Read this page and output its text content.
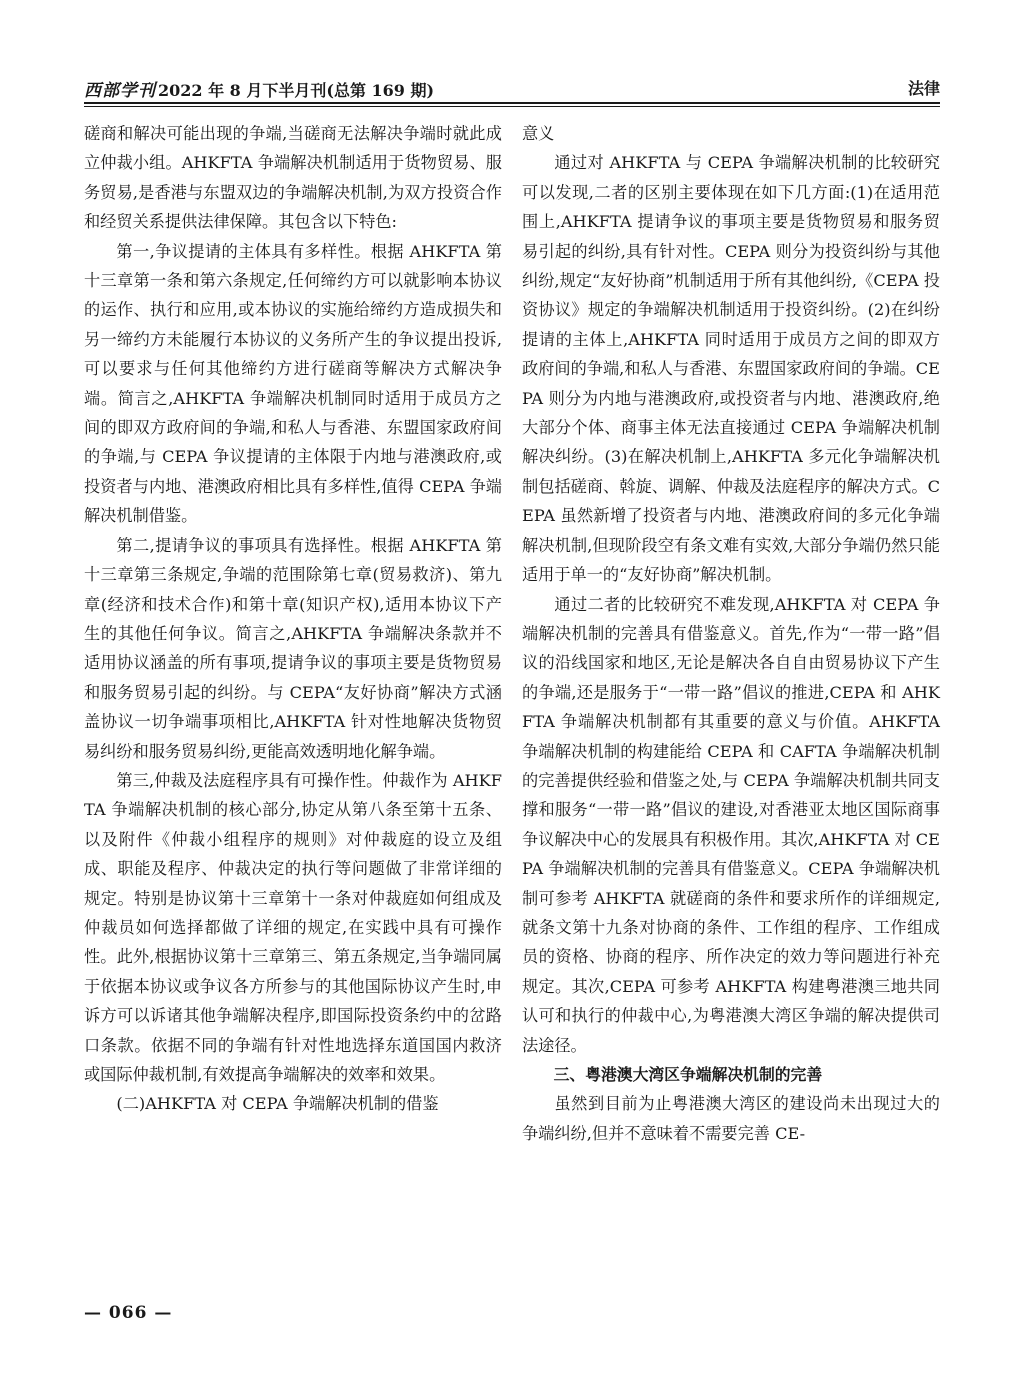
西部学刊 2022 年 8 月下半月刊(总第 169 期)	法律

磋商和解决可能出现的争端,当磋商无法解决争端时就此成立仲裁小组。AHKFTA 争端解决机制适用于货物贸易、服务贸易,是香港与东盟双边的争端解决机制,为双方投资合作和经贸关系提供法律保障。其包含以下特色:

第一,争议提请的主体具有多样性。根据 AHKFTA 第十三章第一条和第六条规定,任何缔约方可以就影响本协议的运作、执行和应用,或本协议的实施给缔约方造成损失和另一缔约方未能履行本协议的义务所产生的争议提出投诉,可以要求与任何其他缔约方进行磋商等解决方式解决争端。简言之,AHKFTA 争端解决机制同时适用于成员方之间的即双方政府间的争端,和私人与香港、东盟国家政府间的争端,与 CEPA 争议提请的主体限于内地与港澳政府,或投资者与内地、港澳政府相比具有多样性,值得 CEPA 争端解决机制借鉴。

第二,提请争议的事项具有选择性。根据 AHKFTA 第十三章第三条规定,争端的范围除第七章(贸易救济)、第九章(经济和技术合作)和第十章(知识产权),适用本协议下产生的其他任何争议。简言之,AHKFTA 争端解决条款并不适用协议涵盖的所有事项,提请争议的事项主要是货物贸易和服务贸易引起的纠纷。与 CEPA“友好协商”解决方式涵盖协议一切争端事项相比,AHKFTA 针对性地解决货物贸易纠纷和服务贸易纠纷,更能高效透明地化解争端。

第三,仲裁及法庭程序具有可操作性。仲裁作为 AHKFTA 争端解决机制的核心部分,协定从第八条至第十五条、以及附件《仲裁小组程序的规则》对仲裁庭的设立及组成、职能及程序、仲裁决定的执行等问题做了非常详细的规定。特别是协议第十三章第十一条对仲裁庭如何组成及仲裁员如何选择都做了详细的规定,在实践中具有可操作性。此外,根据协议第十三章第三、第五条规定,当争端同属于依据本协议或争议各方所参与的其他国际协议产生时,申诉方可以诉诸其他争端解决程序,即国际投资条约中的岔路口条款。依据不同的争端有针对性地选择东道国国内救济或国际仲裁机制,有效提高争端解决的效率和效果。

(二)AHKFTA 对 CEPA 争端解决机制的借鉴

意义

通过对 AHKFTA 与 CEPA 争端解决机制的比较研究可以发现,二者的区别主要体现在如下几方面:(1)在适用范围上,AHKFTA 提请争议的事项主要是货物贸易和服务贸易引起的纠纷,具有针对性。CEPA 则分为投资纠纷与其他纠纷,规定“友好协商”机制适用于所有其他纠纷,《CEPA 投资协议》规定的争端解决机制适用于投资纠纷。(2)在纠纷提请的主体上,AHKFTA 同时适用于成员方之间的即双方政府间的争端,和私人与香港、东盟国家政府间的争端。CEPA 则分为内地与港澳政府,或投资者与内地、港澳政府,绝大部分个体、商事主体无法直接通过 CEPA 争端解决机制解决纠纷。(3)在解决机制上,AHKFTA 多元化争端解决机制包括磋商、斡旋、调解、仲裁及法庭程序的解决方式。CEPA 虽然新增了投资者与内地、港澳政府间的多元化争端解决机制,但现阶段空有条文难有实效,大部分争端仍然只能适用于单一的“友好协商”解决机制。

通过二者的比较研究不难发现,AHKFTA 对 CEPA 争端解决机制的完善具有借鉴意义。首先,作为“一带一路”倡议的沿线国家和地区,无论是解决各自自由贸易协议下产生的争端,还是服务于“一带一路”倡议的推进,CEPA 和 AHKFTA 争端解决机制都有其重要的意义与价值。AHKFTA 争端解决机制的构建能给 CEPA 和 CAFTA 争端解决机制的完善提供经验和借鉴之处,与 CEPA 争端解决机制共同支撑和服务“一带一路”倡议的建设,对香港亚太地区国际商事争议解决中心的发展具有积极作用。其次,AHKFTA 对 CEPA 争端解决机制的完善具有借鉴意义。CEPA 争端解决机制可参考 AHKFTA 就磋商的条件和要求所作的详细规定,就条文第十九条对协商的条件、工作组的程序、工作组成员的资格、协商的程序、所作决定的效力等问题进行补充规定。其次,CEPA 可参考 AHKFTA 构建粤港澳三地共同认可和执行的仲裁中心,为粤港澳大湾区争端的解决提供司法途径。

三、粤港澳大湾区争端解决机制的完善

虽然到目前为止粤港澳大湾区的建设尚未出现过大的争端纠纷,但并不意味着不需要完善 CE-

— 066 —
